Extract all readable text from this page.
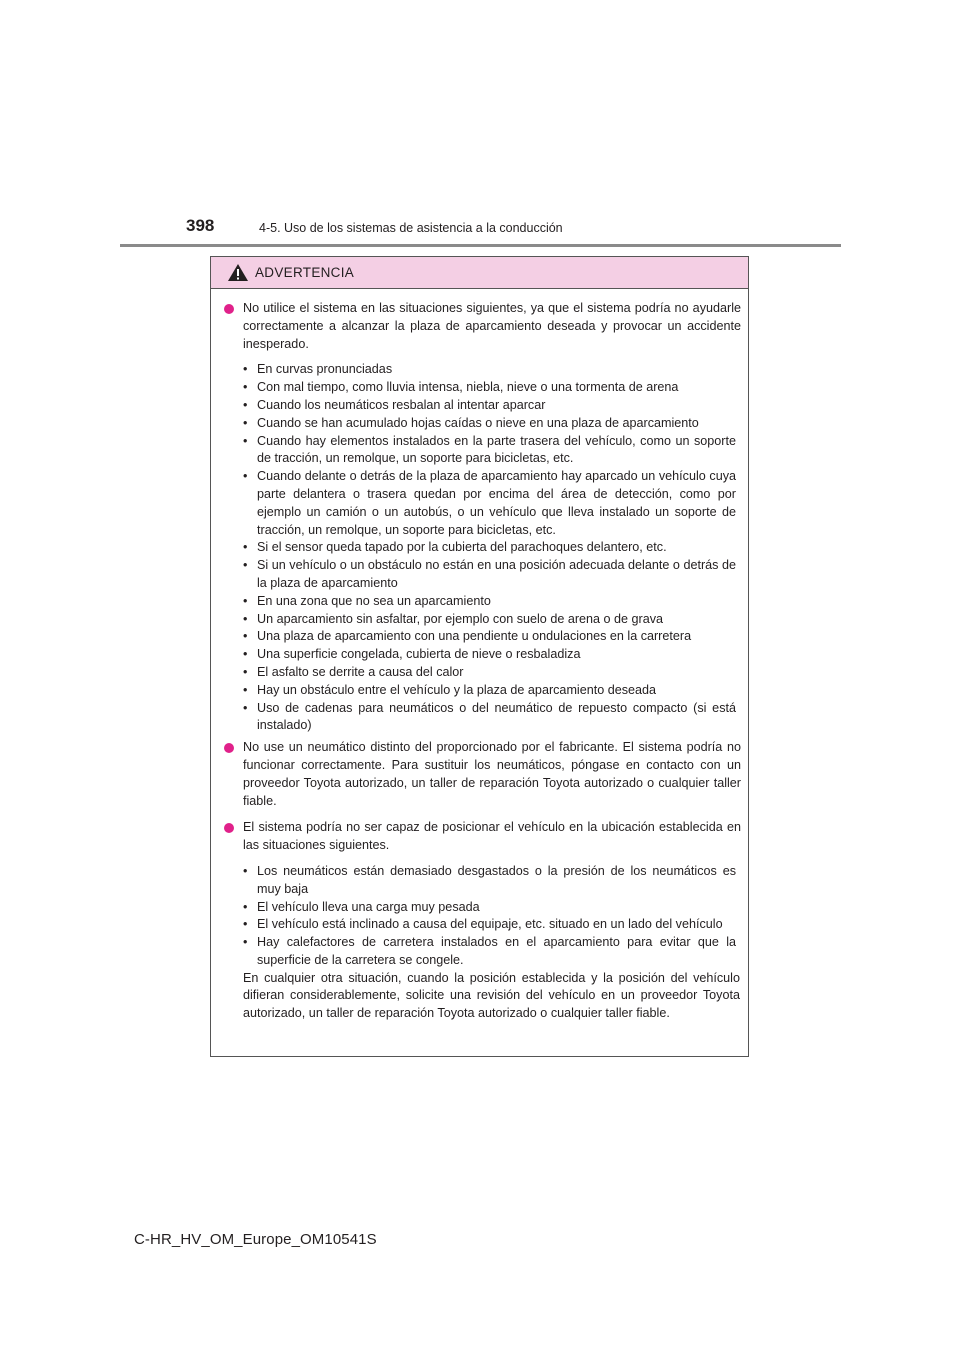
398	4-5. Uso de los sistemas de asistencia a la conducción
ADVERTENCIA
No utilice el sistema en las situaciones siguientes, ya que el sistema podría no ayudarle correctamente a alcanzar la plaza de aparcamiento deseada y provocar un accidente inesperado.
• En curvas pronunciadas
• Con mal tiempo, como lluvia intensa, niebla, nieve o una tormenta de arena
• Cuando los neumáticos resbalan al intentar aparcar
• Cuando se han acumulado hojas caídas o nieve en una plaza de aparcamiento
• Cuando hay elementos instalados en la parte trasera del vehículo, como un soporte de tracción, un remolque, un soporte para bicicletas, etc.
• Cuando delante o detrás de la plaza de aparcamiento hay aparcado un vehículo cuya parte delantera o trasera quedan por encima del área de detección, como por ejemplo un camión o un autobús, o un vehículo que lleva instalado un soporte de tracción, un remolque, un soporte para bicicletas, etc.
• Si el sensor queda tapado por la cubierta del parachoques delantero, etc.
• Si un vehículo o un obstáculo no están en una posición adecuada delante o detrás de la plaza de aparcamiento
• En una zona que no sea un aparcamiento
• Un aparcamiento sin asfaltar, por ejemplo con suelo de arena o de grava
• Una plaza de aparcamiento con una pendiente u ondulaciones en la carretera
• Una superficie congelada, cubierta de nieve o resbaladiza
• El asfalto se derrite a causa del calor
• Hay un obstáculo entre el vehículo y la plaza de aparcamiento deseada
• Uso de cadenas para neumáticos o del neumático de repuesto compacto (si está instalado)
No use un neumático distinto del proporcionado por el fabricante. El sistema podría no funcionar correctamente. Para sustituir los neumáticos, póngase en contacto con un proveedor Toyota autorizado, un taller de reparación Toyota autorizado o cualquier taller fiable.
El sistema podría no ser capaz de posicionar el vehículo en la ubicación establecida en las situaciones siguientes.
• Los neumáticos están demasiado desgastados o la presión de los neumáticos es muy baja
• El vehículo lleva una carga muy pesada
• El vehículo está inclinado a causa del equipaje, etc. situado en un lado del vehículo
• Hay calefactores de carretera instalados en el aparcamiento para evitar que la superficie de la carretera se congele.
En cualquier otra situación, cuando la posición establecida y la posición del vehículo difieran considerablemente, solicite una revisión del vehículo en un proveedor Toyota autorizado, un taller de reparación Toyota autorizado o cualquier taller fiable.
C-HR_HV_OM_Europe_OM10541S
